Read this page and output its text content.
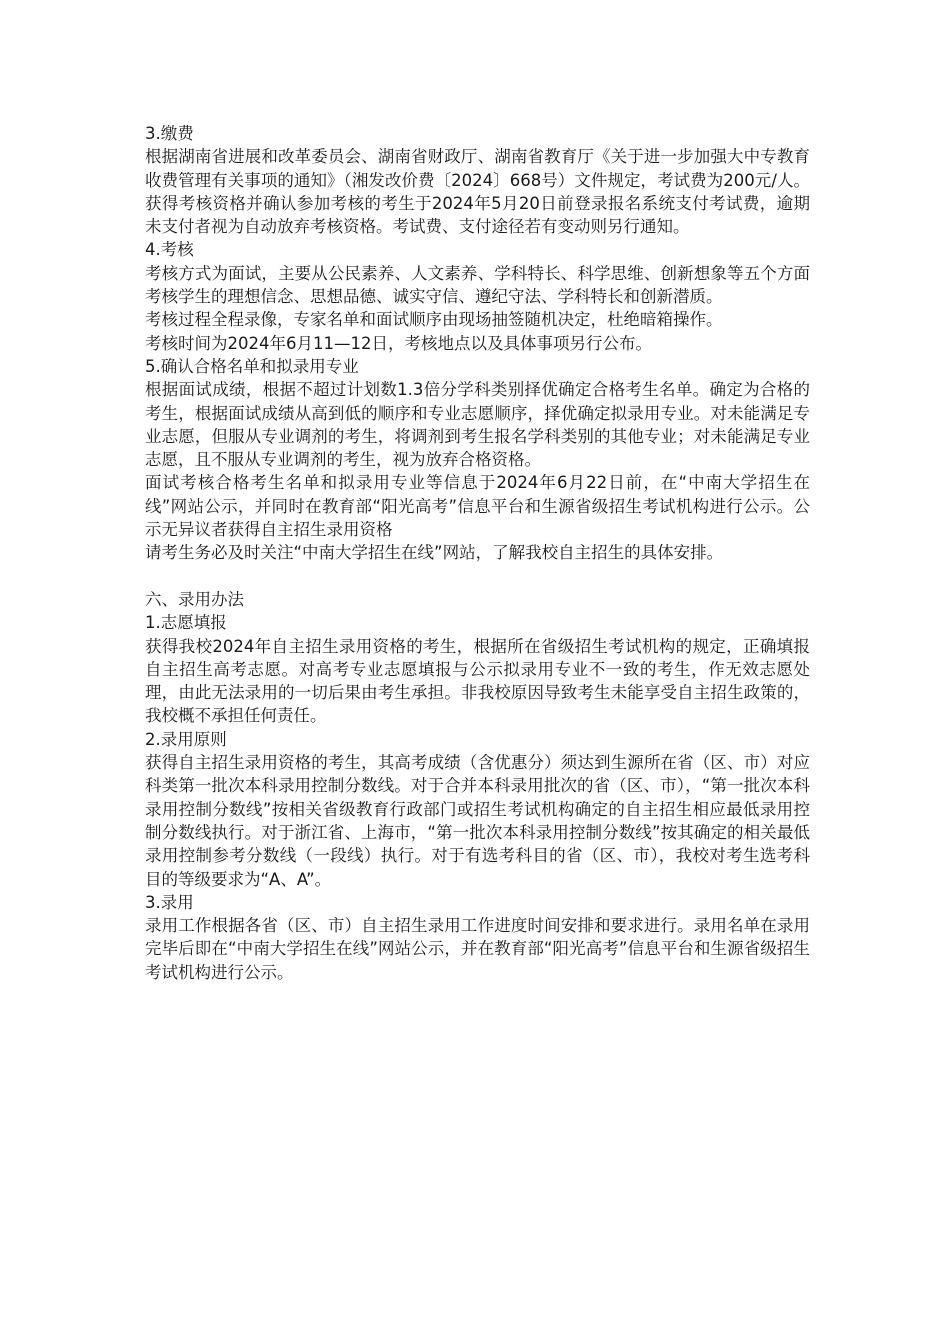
3.缴费

根据湖南省进展和改革委员会、湖南省财政厅、湖南省教育厅《关于进一步加强大中专教育收费管理有关事项的通知》（湘发改价费〔2024〕668号）文件规定，考试费为200元/人。获得考核资格并确认参加考核的考生于2024年5月20日前登录报名系统支付考试费，逾期未支付者视为自动放弃考核资格。考试费、支付途径若有变动则另行通知。

4.考核

考核方式为面试，主要从公民素养、人文素养、学科特长、科学思维、创新想象等五个方面考核学生的理想信念、思想品德、诚实守信、遵纪守法、学科特长和创新潜质。

考核过程全程录像，专家名单和面试顺序由现场抽签随机决定，杜绝暗箱操作。

考核时间为2024年6月11—12日，考核地点以及具体事项另行公布。

5.确认合格名单和拟录用专业

根据面试成绩，根据不超过计划数1.3倍分学科类别择优确定合格考生名单。确定为合格的考生，根据面试成绩从高到低的顺序和专业志愿顺序，择优确定拟录用专业。对未能满足专业志愿，但服从专业调剂的考生，将调剂到考生报名学科类别的其他专业；对未能满足专业志愿，且不服从专业调剂的考生，视为放弃合格资格。

面试考核合格考生名单和拟录用专业等信息于2024年6月22日前，在“中南大学招生在线”网站公示，并同时在教育部“阳光高考”信息平台和生源省级招生考试机构进行公示。公示无异议者获得自主招生录用资格

请考生务必及时关注“中南大学招生在线”网站，了解我校自主招生的具体安排。

六、录用办法

1.志愿填报

获得我校2024年自主招生录用资格的考生，根据所在省级招生考试机构的规定，正确填报自主招生高考志愿。对高考专业志愿填报与公示拟录用专业不一致的考生，作无效志愿处理，由此无法录用的一切后果由考生承担。非我校原因导致考生未能享受自主招生政策的，我校概不承担任何责任。

2.录用原则

获得自主招生录用资格的考生，其高考成绩（含优惠分）须达到生源所在省（区、市）对应科类第一批次本科录用控制分数线。对于合并本科录用批次的省（区、市），“第一批次本科录用控制分数线”按相关省级教育行政部门或招生考试机构确定的自主招生相应最低录用控制分数线执行。对于浙江省、上海市，“第一批次本科录用控制分数线”按其确定的相关最低录用控制参考分数线（一段线）执行。对于有选考科目的省（区、市），我校对考生选考科目的等级要求为“A、A”。

3.录用

录用工作根据各省（区、市）自主招生录用工作进度时间安排和要求进行。录用名单在录用完毕后即在“中南大学招生在线”网站公示，并在教育部“阳光高考”信息平台和生源省级招生考试机构进行公示。
